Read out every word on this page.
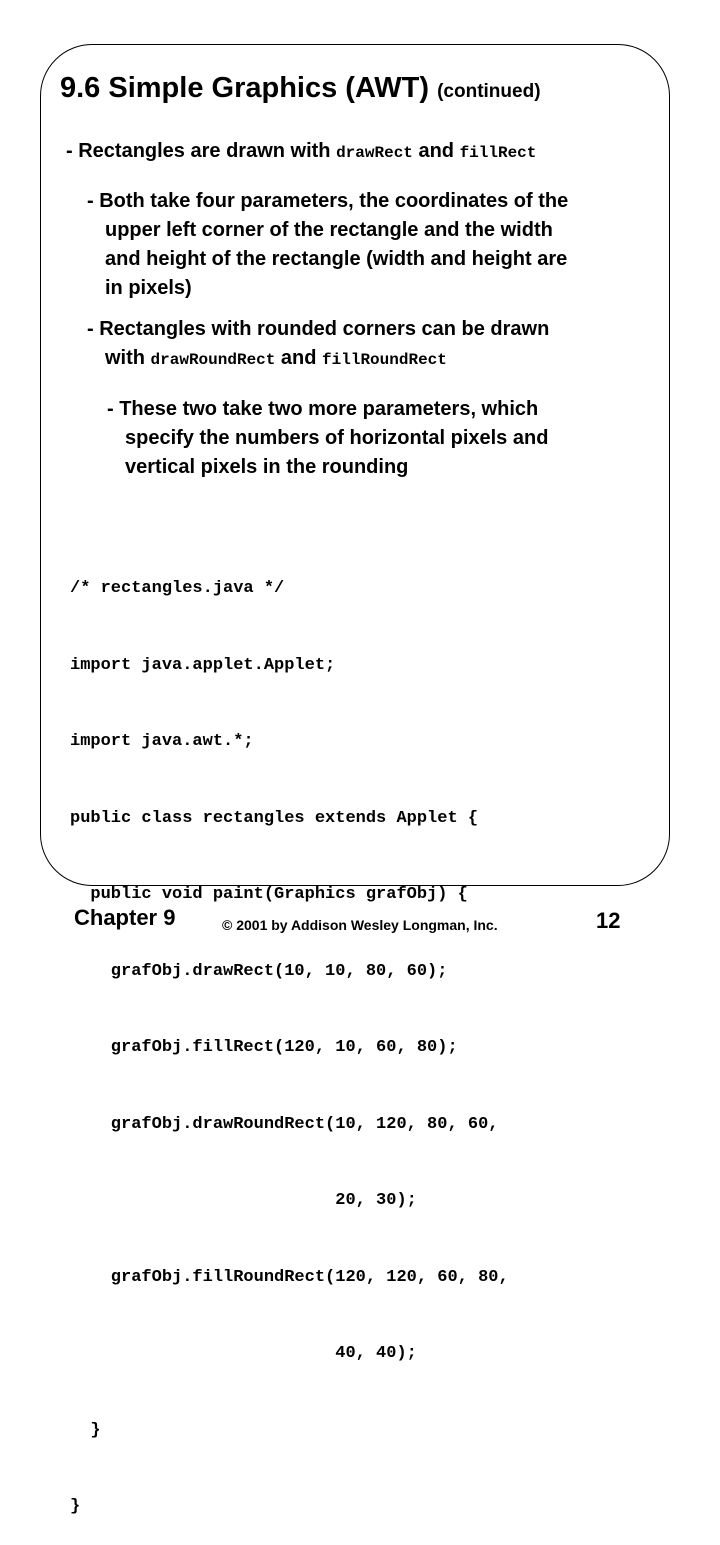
9.6 Simple Graphics (AWT) (continued)
- Rectangles are drawn with drawRect and fillRect
- Both take four parameters, the coordinates of the
upper left corner of the rectangle and the width
and height of the rectangle (width and height are
in pixels)
- Rectangles with rounded corners can be drawn
with drawRoundRect and fillRoundRect
- These two take two more parameters, which
specify the numbers of horizontal pixels and
vertical pixels in the rounding

/* rectangles.java */

import java.applet.Applet;

import java.awt.*;

public class rectangles extends Applet {

public void paint(Graphics grafObj) {

grafObj.drawRect(10, 10, 80, 60);

grafObj.fillRect(120, 10, 60, 80);

grafObj.drawRoundRect(10, 120, 80, 60,

20, 30);

grafObj.fillRoundRect(120, 120, 60, 80,

40, 40);

}

}

Chapter 9	© 2001 by Addison Wesley Longman, Inc.	12
